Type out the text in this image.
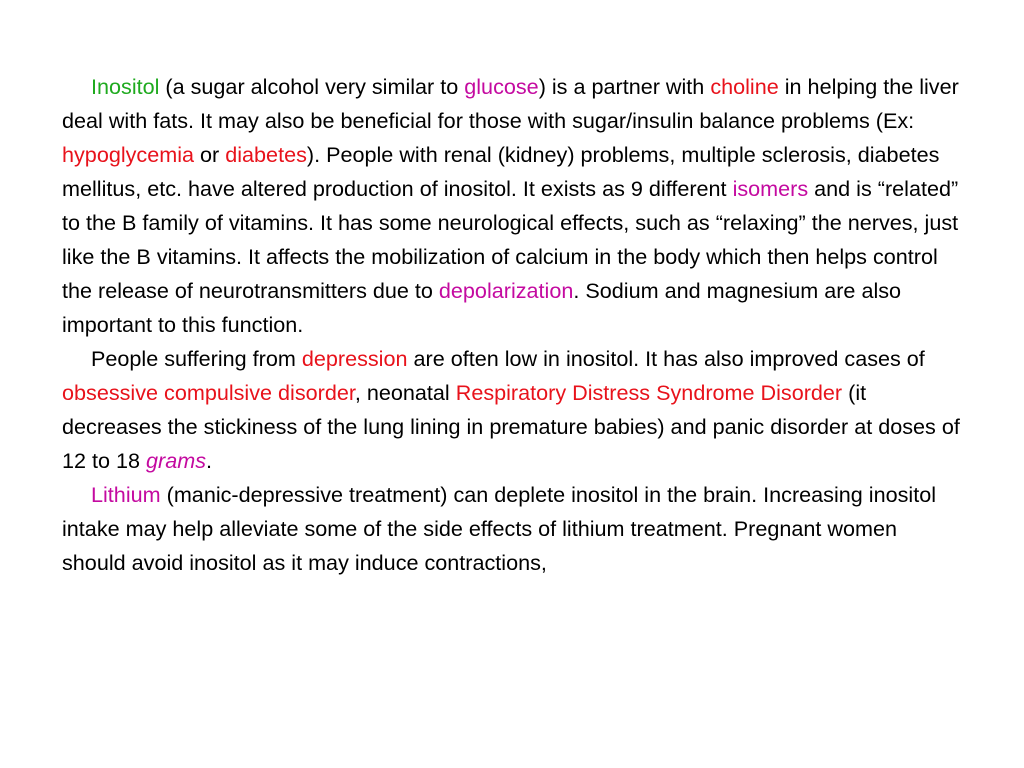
Inositol (a sugar alcohol very similar to glucose) is a partner with choline in helping the liver deal with fats. It may also be beneficial for those with sugar/insulin balance problems (Ex: hypoglycemia or diabetes). People with renal (kidney) problems, multiple sclerosis, diabetes mellitus, etc. have altered production of inositol. It exists as 9 different isomers and is “related” to the B family of vitamins. It has some neurological effects, such as “relaxing” the nerves, just like the B vitamins. It affects the mobilization of calcium in the body which then helps control the release of neurotransmitters due to depolarization. Sodium and magnesium are also important to this function.

People suffering from depression are often low in inositol. It has also improved cases of obsessive compulsive disorder, neonatal Respiratory Distress Syndrome Disorder (it decreases the stickiness of the lung lining in premature babies) and panic disorder at doses of 12 to 18 grams.

Lithium (manic-depressive treatment) can deplete inositol in the brain. Increasing inositol intake may help alleviate some of the side effects of lithium treatment. Pregnant women should avoid inositol as it may induce contractions,
